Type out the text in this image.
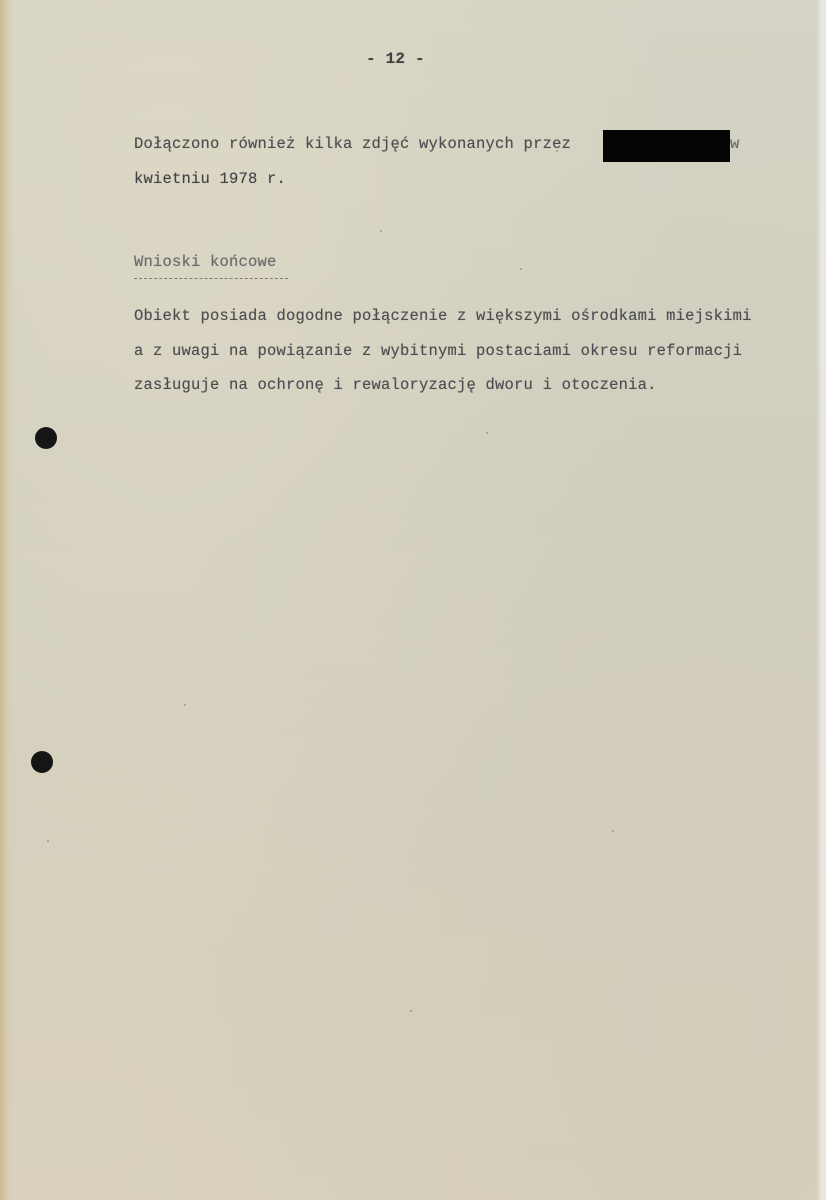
- 12 -
Dołączono również kilka zdjęć wykonanych przez	w
kwietniu 1978 r.
Wnioski końcowe
Obiekt posiada dogodne połączenie z większymi ośrodkami miejskimi
a z uwagi na powiązanie z wybitnymi postaciami okresu reformacji
zasługuje na ochronę i rewaloryzację dworu i otoczenia.
